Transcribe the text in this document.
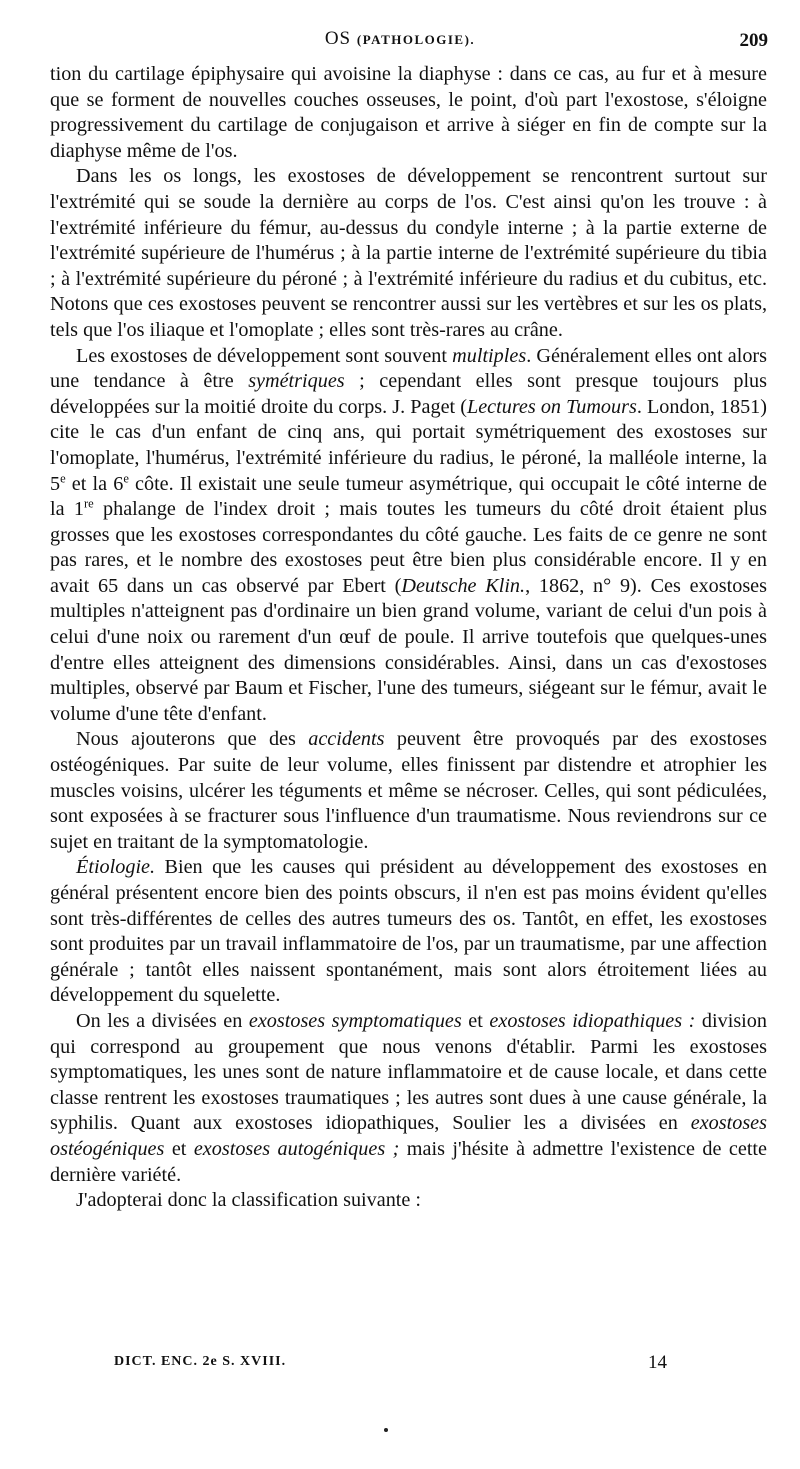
OS (PATHOLOGIE).	209

tion du cartilage épiphysaire qui avoisine la diaphyse : dans ce cas, au fur et à mesure que se forment de nouvelles couches osseuses, le point, d'où part l'exostose, s'éloigne progressivement du cartilage de conjugaison et arrive à siéger en fin de compte sur la diaphyse même de l'os.

Dans les os longs, les exostoses de développement se rencontrent surtout sur l'extrémité qui se soude la dernière au corps de l'os. C'est ainsi qu'on les trouve : à l'extrémité inférieure du fémur, au-dessus du condyle interne ; à la partie externe de l'extrémité supérieure de l'humérus ; à la partie interne de l'extrémité supérieure du tibia ; à l'extrémité supérieure du péroné ; à l'extrémité inférieure du radius et du cubitus, etc. Notons que ces exostoses peuvent se rencontrer aussi sur les vertèbres et sur les os plats, tels que l'os iliaque et l'omoplate ; elles sont très-rares au crâne.

Les exostoses de développement sont souvent multiples. Généralement elles ont alors une tendance à être symétriques ; cependant elles sont presque toujours plus développées sur la moitié droite du corps. J. Paget (Lectures on Tumours. London, 1851) cite le cas d'un enfant de cinq ans, qui portait symétriquement des exostoses sur l'omoplate, l'humérus, l'extrémité inférieure du radius, le péroné, la malléole interne, la 5e et la 6e côte. Il existait une seule tumeur asymétrique, qui occupait le côté interne de la 1re phalange de l'index droit ; mais toutes les tumeurs du côté droit étaient plus grosses que les exostoses correspondantes du côté gauche. Les faits de ce genre ne sont pas rares, et le nombre des exostoses peut être bien plus considérable encore. Il y en avait 65 dans un cas observé par Ebert (Deutsche Klin., 1862, n° 9). Ces exostoses multiples n'atteignent pas d'ordinaire un bien grand volume, variant de celui d'un pois à celui d'une noix ou rarement d'un œuf de poule. Il arrive toutefois que quelques-unes d'entre elles atteignent des dimensions considérables. Ainsi, dans un cas d'exostoses multiples, observé par Baum et Fischer, l'une des tumeurs, siégeant sur le fémur, avait le volume d'une tête d'enfant.

Nous ajouterons que des accidents peuvent être provoqués par des exostoses ostéogéniques. Par suite de leur volume, elles finissent par distendre et atrophier les muscles voisins, ulcérer les téguments et même se nécroser. Celles, qui sont pédiculées, sont exposées à se fracturer sous l'influence d'un traumatisme. Nous reviendrons sur ce sujet en traitant de la symptomatologie.

Étiologie. Bien que les causes qui président au développement des exostoses en général présentent encore bien des points obscurs, il n'en est pas moins évident qu'elles sont très-différentes de celles des autres tumeurs des os. Tantôt, en effet, les exostoses sont produites par un travail inflammatoire de l'os, par un traumatisme, par une affection générale ; tantôt elles naissent spontanément, mais sont alors étroitement liées au développement du squelette.

On les a divisées en exostoses symptomatiques et exostoses idiopathiques : division qui correspond au groupement que nous venons d'établir. Parmi les exostoses symptomatiques, les unes sont de nature inflammatoire et de cause locale, et dans cette classe rentrent les exostoses traumatiques ; les autres sont dues à une cause générale, la syphilis. Quant aux exostoses idiopathiques, Soulier les a divisées en exostoses ostéogéniques et exostoses autogéniques ; mais j'hésite à admettre l'existence de cette dernière variété.

J'adopterai donc la classification suivante :

DICT. ENC. 2e S. XVIII.	14
